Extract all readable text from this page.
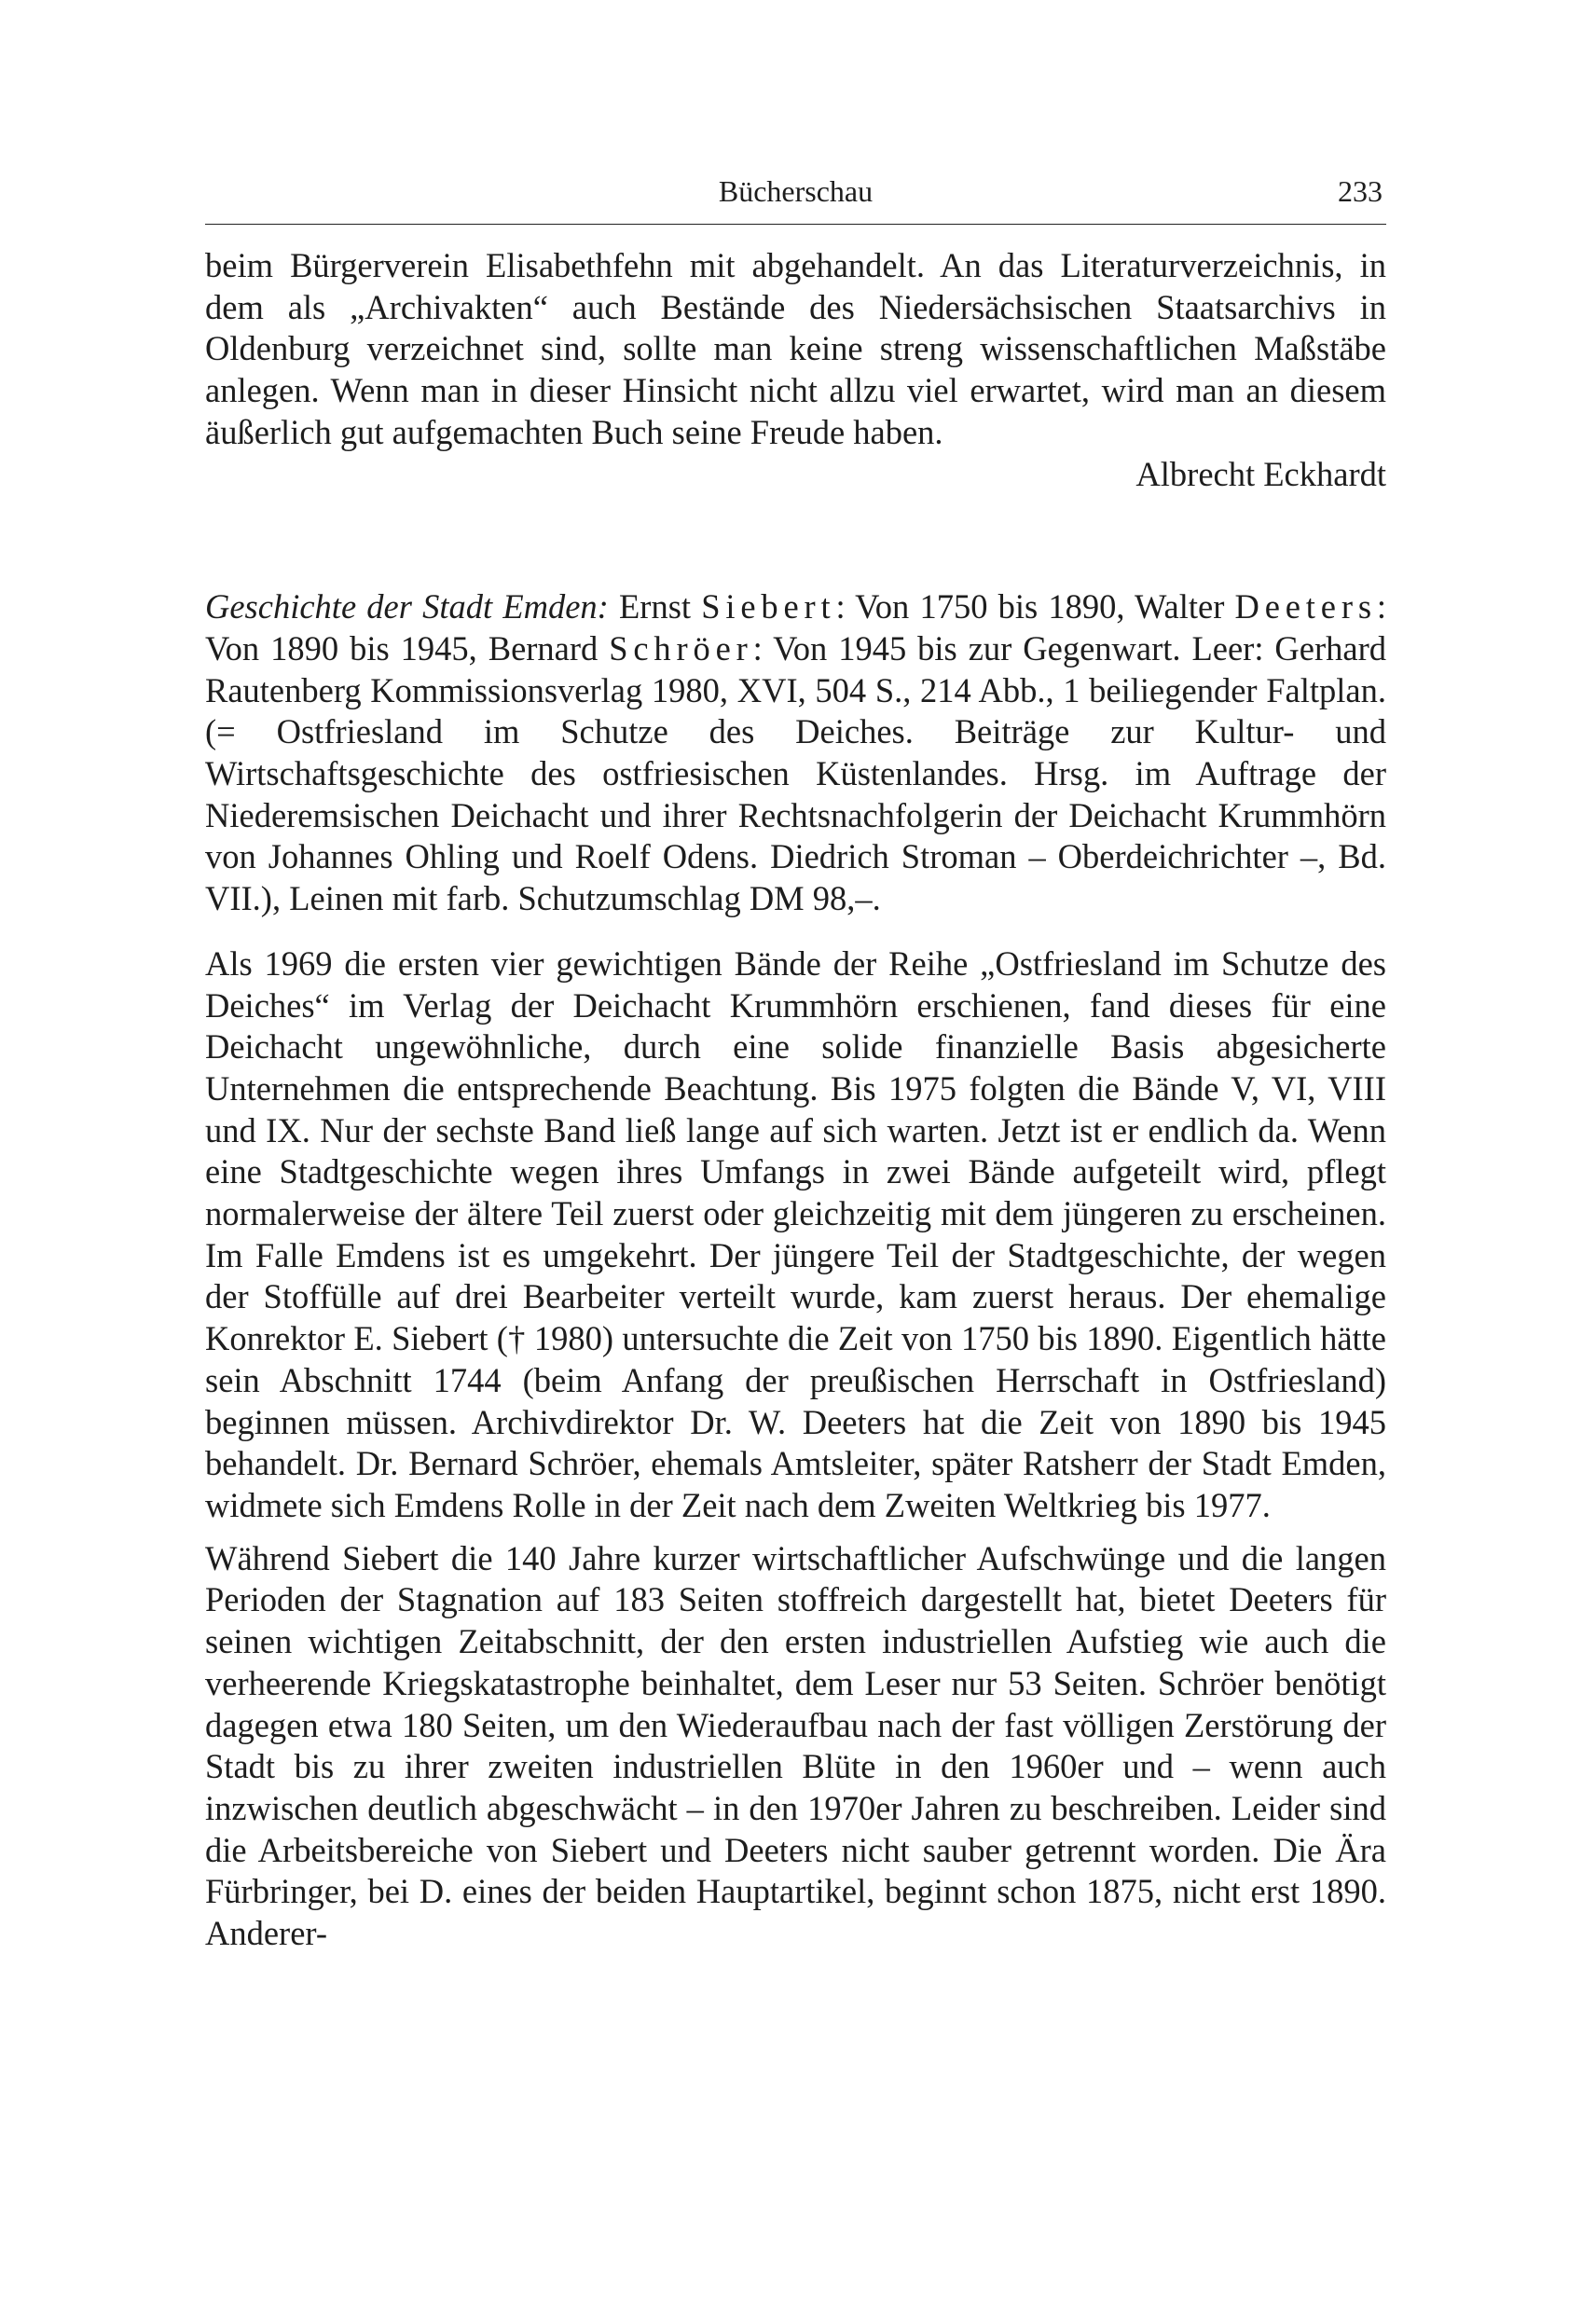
Bücherschau	233

beim Bürgerverein Elisabethfehn mit abgehandelt. An das Literaturverzeichnis, in dem als „Archivakten“ auch Bestände des Niedersächsischen Staatsarchivs in Oldenburg verzeichnet sind, sollte man keine streng wissenschaftlichen Maßstäbe anlegen. Wenn man in dieser Hinsicht nicht allzu viel erwartet, wird man an diesem äußerlich gut aufgemachten Buch seine Freude haben.

Albrecht Eckhardt

Geschichte der Stadt Emden: Ernst Siebert: Von 1750 bis 1890, Walter Deeters: Von 1890 bis 1945, Bernard Schröer: Von 1945 bis zur Gegenwart. Leer: Gerhard Rautenberg Kommissionsverlag 1980, XVI, 504 S., 214 Abb., 1 beiliegender Faltplan. (= Ostfriesland im Schutze des Deiches. Beiträge zur Kultur- und Wirtschaftsgeschichte des ostfriesischen Küstenlandes. Hrsg. im Auftrage der Niederemsischen Deichacht und ihrer Rechtsnachfolgerin der Deichacht Krummhörn von Johannes Ohling und Roelf Odens. Diedrich Stroman – Oberdeichrichter –, Bd. VII.), Leinen mit farb. Schutzumschlag DM 98,–.

Als 1969 die ersten vier gewichtigen Bände der Reihe „Ostfriesland im Schutze des Deiches“ im Verlag der Deichacht Krummhörn erschienen, fand dieses für eine Deichacht ungewöhnliche, durch eine solide finanzielle Basis abgesicherte Unternehmen die entsprechende Beachtung. Bis 1975 folgten die Bände V, VI, VIII und IX. Nur der sechste Band ließ lange auf sich warten. Jetzt ist er endlich da. Wenn eine Stadtgeschichte wegen ihres Umfangs in zwei Bände aufgeteilt wird, pflegt normalerweise der ältere Teil zuerst oder gleichzeitig mit dem jüngeren zu erscheinen. Im Falle Emdens ist es umgekehrt. Der jüngere Teil der Stadtgeschichte, der wegen der Stoffülle auf drei Bearbeiter verteilt wurde, kam zuerst heraus. Der ehemalige Konrektor E. Siebert († 1980) untersuchte die Zeit von 1750 bis 1890. Eigentlich hätte sein Abschnitt 1744 (beim Anfang der preußischen Herrschaft in Ostfriesland) beginnen müssen. Archivdirektor Dr. W. Deeters hat die Zeit von 1890 bis 1945 behandelt. Dr. Bernard Schröer, ehemals Amtsleiter, später Ratsherr der Stadt Emden, widmete sich Emdens Rolle in der Zeit nach dem Zweiten Weltkrieg bis 1977.

Während Siebert die 140 Jahre kurzer wirtschaftlicher Aufschwünge und die langen Perioden der Stagnation auf 183 Seiten stoffreich dargestellt hat, bietet Deeters für seinen wichtigen Zeitabschnitt, der den ersten industriellen Aufstieg wie auch die verheerende Kriegskatastrophe beinhaltet, dem Leser nur 53 Seiten. Schröer benötigt dagegen etwa 180 Seiten, um den Wiederaufbau nach der fast völligen Zerstörung der Stadt bis zu ihrer zweiten industriellen Blüte in den 1960er und – wenn auch inzwischen deutlich abgeschwächt – in den 1970er Jahren zu beschreiben. Leider sind die Arbeitsbereiche von Siebert und Deeters nicht sauber getrennt worden. Die Ära Fürbringer, bei D. eines der beiden Hauptartikel, beginnt schon 1875, nicht erst 1890. Anderer-
